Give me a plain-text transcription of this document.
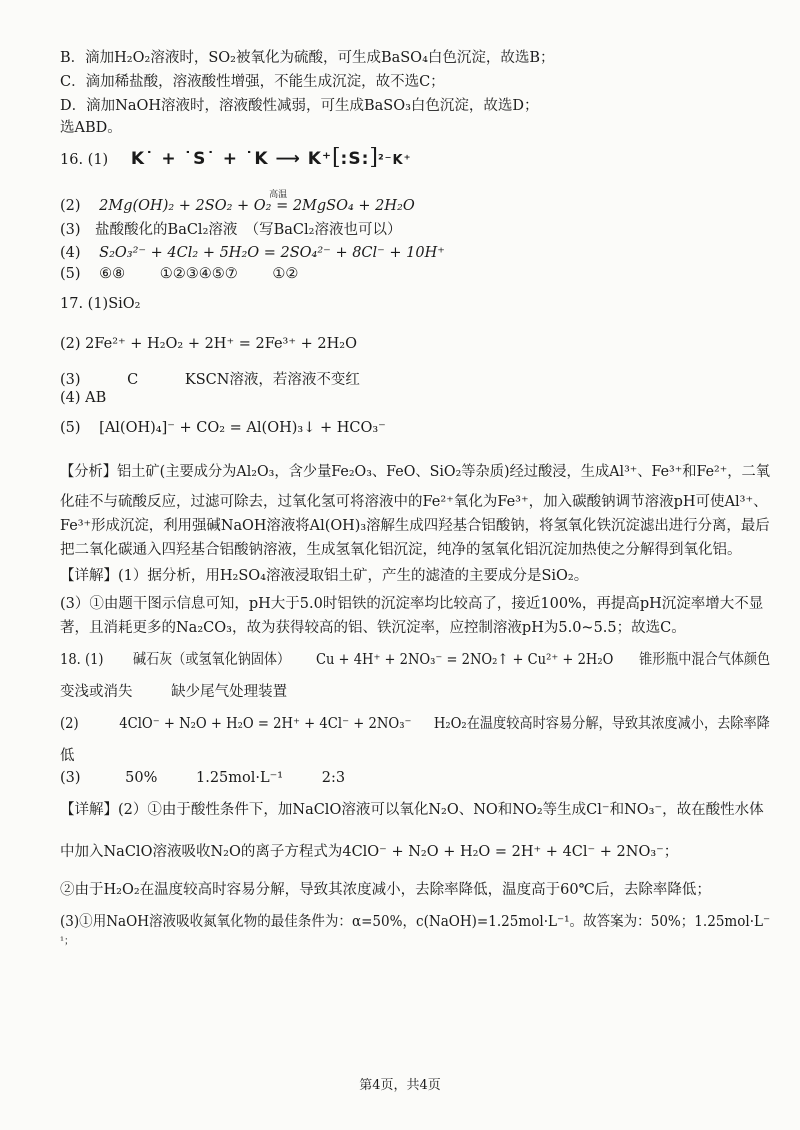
B．滴加H₂O₂溶液时，SO₂被氧化为硫酸，可生成BaSO₄白色沉淀，故选B；
C．滴加稀盐酸，溶液酸性增强，不能生成沉淀，故不选C；
D．滴加NaOH溶液时，溶液酸性减弱，可生成BaSO₃白色沉淀，故选D；
选ABD。
16. (1) K˙ + ˙S˙ + ˙K ⟶ K⁺[:S:]²⁻K⁺
(2) 2Mg(OH)₂ + 2SO₂ + O₂ = 2MgSO₄ + 2H₂O
高温
(3)　盐酸酸化的BaCl₂溶液　（写BaCl₂溶液也可以）
(4) S₂O₃²⁻ + 4Cl₂ + 5H₂O = 2SO₄²⁻ + 8Cl⁻ + 10H⁺
(5) ⑥⑧ ①②③④⑤⑦ ①②
17. (1)SiO₂
(2) 2Fe²⁺ + H₂O₂ + 2H⁺ = 2Fe³⁺ + 2H₂O
(3)	C	KSCN溶液，若溶液不变红
(4) AB
(5) [Al(OH)₄]⁻ + CO₂ = Al(OH)₃↓ + HCO₃⁻
【分析】铝土矿(主要成分为Al₂O₃，含少量Fe₂O₃、FeO、SiO₂等杂质)经过酸浸，生成Al³⁺、Fe³⁺和Fe²⁺，二氧
化硅不与硫酸反应，过滤可除去，过氧化氢可将溶液中的Fe²⁺氧化为Fe³⁺，加入碳酸钠调节溶液pH可使Al³⁺、
Fe³⁺形成沉淀，利用强碱NaOH溶液将Al(OH)₃溶解生成四羟基合铝酸钠，将氢氧化铁沉淀滤出进行分离，最后
把二氧化碳通入四羟基合铝酸钠溶液，生成氢氧化铝沉淀，纯净的氢氧化铝沉淀加热使之分解得到氧化铝。
【详解】(1）据分析，用H₂SO₄溶液浸取铝土矿，产生的滤渣的主要成分是SiO₂。
(3）①由题干图示信息可知，pH大于5.0时铝铁的沉淀率均比较高了，接近100%，再提高pH沉淀率增大不显
著，且消耗更多的Na₂CO₃，故为获得较高的铝、铁沉淀率，应控制溶液pH为5.0~5.5；故选C。
18. (1) 碱石灰（或氢氧化钠固体） Cu + 4H⁺ + 2NO₃⁻ = 2NO₂↑ + Cu²⁺ + 2H₂O 锥形瓶中混合气体颜色
变浅或消失	缺少尾气处理装置
(2)	4ClO⁻ + N₂O + H₂O = 2H⁺ + 4Cl⁻ + 2NO₃⁻ H₂O₂在温度较高时容易分解，导致其浓度减小，去除率降
低
(3)	50%	1.25mol·L⁻¹	2:3
【详解】(2）①由于酸性条件下，加NaClO溶液可以氧化N₂O、NO和NO₂等生成Cl⁻和NO₃⁻，故在酸性水体
中加入NaClO溶液吸收N₂O的离子方程式为4ClO⁻ + N₂O + H₂O = 2H⁺ + 4Cl⁻ + 2NO₃⁻；
②由于H₂O₂在温度较高时容易分解，导致其浓度减小，去除率降低，温度高于60℃后，去除率降低；
(3)①用NaOH溶液吸收氮氧化物的最佳条件为：α=50%，c(NaOH)=1.25mol·L⁻¹。故答案为：50%；1.25mol·L⁻
¹；
第4页，共4页
